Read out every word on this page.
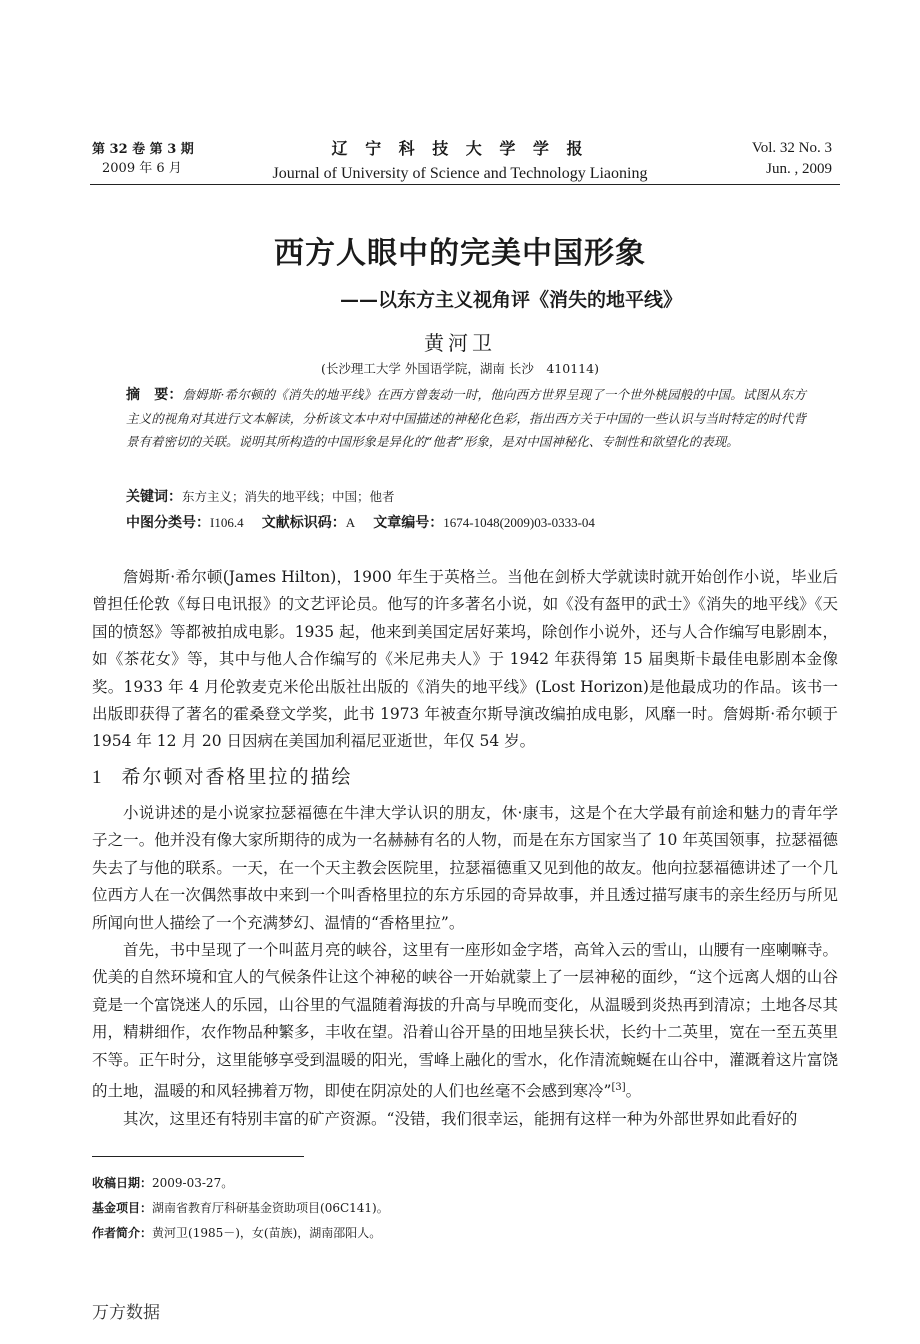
第 32 卷 第 3 期
2009 年 6 月
辽 宁 科 技 大 学 学 报
Journal of University of Science and Technology Liaoning
Vol. 32 No. 3
Jun. , 2009
西方人眼中的完美中国形象
——以东方主义视角评《消失的地平线》
黄河卫
(长沙理工大学 外国语学院，湖南 长沙　410114)
摘　要：詹姆斯·希尔顿的《消失的地平线》在西方曾轰动一时，他向西方世界呈现了一个世外桃园般的中国。试图从东方主义的视角对其进行文本解读，分析该文本中对中国描述的神秘化色彩，指出西方关于中国的一些认识与当时特定的时代背景有着密切的关联。说明其所构造的中国形象是异化的“他者”形象，是对中国神秘化、专制性和欲望化的表现。
关键词：东方主义；消失的地平线；中国；他者
中图分类号：I106.4 文献标识码：A 文章编号：1674-1048(2009)03-0333-04

詹姆斯·希尔顿(James Hilton)，1900 年生于英格兰。当他在剑桥大学就读时就开始创作小说，毕业后曾担任伦敦《每日电讯报》的文艺评论员。他写的许多著名小说，如《没有盔甲的武士》《消失的地平线》《天国的愤怒》等都被拍成电影。1935 起，他来到美国定居好莱坞，除创作小说外，还与人合作编写电影剧本，如《茶花女》等，其中与他人合作编写的《米尼弗夫人》于 1942 年获得第 15 届奥斯卡最佳电影剧本金像奖。1933 年 4 月伦敦麦克米伦出版社出版的《消失的地平线》(Lost Horizon)是他最成功的作品。该书一出版即获得了著名的霍桑登文学奖，此书 1973 年被查尔斯导演改编拍成电影，风靡一时。詹姆斯·希尔顿于 1954 年 12 月 20 日因病在美国加利福尼亚逝世，年仅 54 岁。

1 希尔顿对香格里拉的描绘

小说讲述的是小说家拉瑟福德在牛津大学认识的朋友，休·康韦，这是个在大学最有前途和魅力的青年学子之一。他并没有像大家所期待的成为一名赫赫有名的人物，而是在东方国家当了 10 年英国领事，拉瑟福德失去了与他的联系。一天，在一个天主教会医院里，拉瑟福德重又见到他的故友。他向拉瑟福德讲述了一个几位西方人在一次偶然事故中来到一个叫香格里拉的东方乐园的奇异故事，并且透过描写康韦的亲生经历与所见所闻向世人描绘了一个充满梦幻、温情的“香格里拉”。

首先，书中呈现了一个叫蓝月亮的峡谷，这里有一座形如金字塔，高耸入云的雪山，山腰有一座喇嘛寺。优美的自然环境和宜人的气候条件让这个神秘的峡谷一开始就蒙上了一层神秘的面纱，“这个远离人烟的山谷竟是一个富饶迷人的乐园，山谷里的气温随着海拔的升高与早晚而变化，从温暖到炎热再到清凉；土地各尽其用，精耕细作，农作物品种繁多，丰收在望。沿着山谷开垦的田地呈狭长状，长约十二英里，宽在一至五英里不等。正午时分，这里能够享受到温暖的阳光，雪峰上融化的雪水，化作清流蜿蜒在山谷中，灌溉着这片富饶的土地，温暖的和风轻拂着万物，即使在阴凉处的人们也丝毫不会感到寒冷”[3]。

其次，这里还有特别丰富的矿产资源。“没错，我们很幸运，能拥有这样一种为外部世界如此看好的

收稿日期：2009-03-27。
基金项目：湖南省教育厅科研基金资助项目(06C141)。
作者简介：黄河卫(1985－)，女(苗族)，湖南邵阳人。
万方数据
